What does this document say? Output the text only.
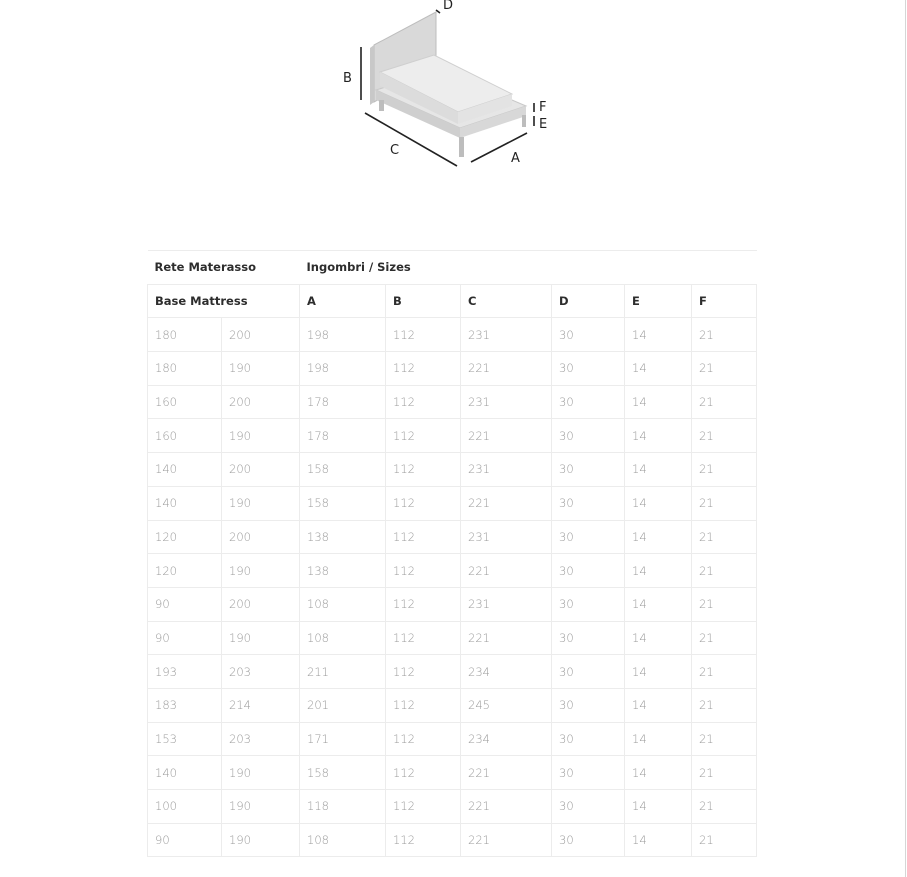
D
B
C
A
F
E
Rete Materasso		Ingombri / Sizes					
Base Mattress		A	B	C	D	E	F
180	200	198	112	231	30	14	21
180	190	198	112	221	30	14	21
160	200	178	112	231	30	14	21
160	190	178	112	221	30	14	21
140	200	158	112	231	30	14	21
140	190	158	112	221	30	14	21
120	200	138	112	231	30	14	21
120	190	138	112	221	30	14	21
90	200	108	112	231	30	14	21
90	190	108	112	221	30	14	21
193	203	211	112	234	30	14	21
183	214	201	112	245	30	14	21
153	203	171	112	234	30	14	21
140	190	158	112	221	30	14	21
100	190	118	112	221	30	14	21
90	190	108	112	221	30	14	21
